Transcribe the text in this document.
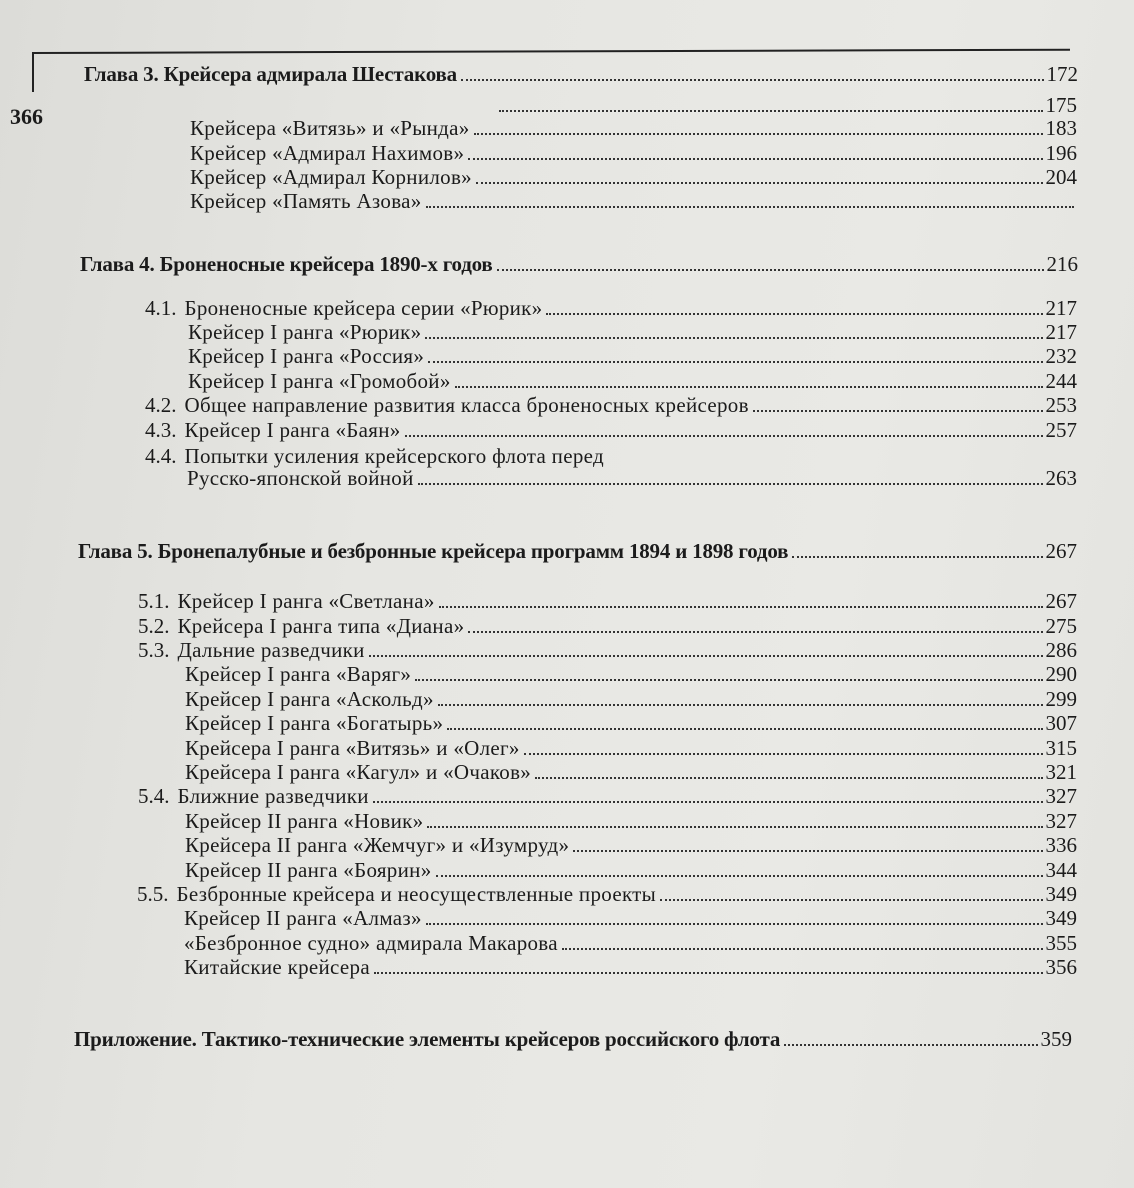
366
Глава 3. Крейсера адмирала Шестакова	172
175
Крейсера «Витязь» и «Рында»	183
Крейсер «Адмирал Нахимов»	196
Крейсер «Адмирал Корнилов»	204
Крейсер «Память Азова»
Глава 4. Броненосные крейсера 1890-х годов	216
4.1. Броненосные крейсера серии «Рюрик»	217
Крейсер I ранга «Рюрик»	217
Крейсер I ранга «Россия»	232
Крейсер I ранга «Громобой»	244
4.2. Общее направление развития класса броненосных крейсеров	253
4.3. Крейсер I ранга «Баян»	257
4.4. Попытки усиления крейсерского флота перед
Русско-японской войной	263
Глава 5. Бронепалубные и безбронные крейсера программ 1894 и 1898 годов	267
5.1. Крейсер I ранга «Светлана»	267
5.2. Крейсера I ранга типа «Диана»	275
5.3. Дальние разведчики	286
Крейсер I ранга «Варяг»	290
Крейсер I ранга «Аскольд»	299
Крейсер I ранга «Богатырь»	307
Крейсера I ранга «Витязь» и «Олег»	315
Крейсера I ранга «Кагул» и «Очаков»	321
5.4. Ближние разведчики	327
Крейсер II ранга «Новик»	327
Крейсера II ранга «Жемчуг» и «Изумруд»	336
Крейсер II ранга «Боярин»	344
5.5. Безбронные крейсера и неосуществленные проекты	349
Крейсер II ранга «Алмаз»	349
«Безбронное судно» адмирала Макарова	355
Китайские крейсера	356
Приложение. Тактико-технические элементы крейсеров российского флота	359
